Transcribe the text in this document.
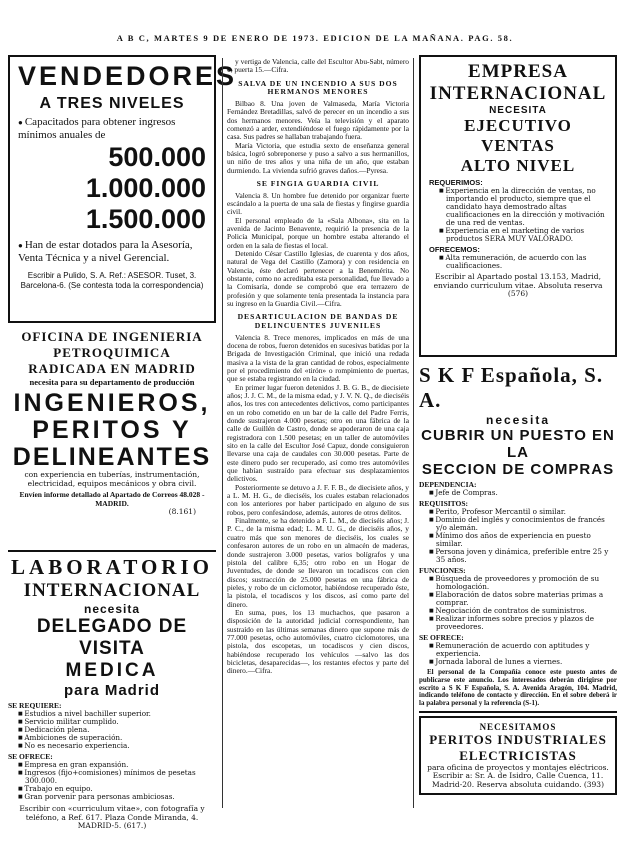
A B C, MARTES 9 DE ENERO DE 1973. EDICION DE LA MAÑANA. PAG. 58.
VENDEDORES
A TRES NIVELES
● Capacitados para obtener ingresos mínimos anuales de
500.000
1.000.000
1.500.000
● Han de estar dotados para la Asesoría, Venta Técnica y a nivel Gerencial.
Escribir a Pulido, S. A. Ref.: ASESOR. Tuset, 3. Barcelona-6. (Se contesta toda la correspondencia)
OFICINA DE INGENIERIA
PETROQUIMICA
RADICADA EN MADRID
necesita para su departamento de producción
INGENIEROS,
PERITOS Y
DELINEANTES
con experiencia en tuberías, instrumentación, electricidad, equipos mecánicos y obra civil.
Envíen informe detallado al Apartado de Correos 48.028 - MADRID.
(8.161)
LABORATORIO
INTERNACIONAL
necesita
DELEGADO DE VISITA
MEDICA
para Madrid
SE REQUIERE:
■ Estudios a nivel bachiller superior.
■ Servicio militar cumplido.
■ Dedicación plena.
■ Ambiciones de superación.
■ No es necesario experiencia.
SE OFRECE:
■ Empresa en gran expansión.
■ Ingresos (fijo+comisiones) mínimos de pesetas 300.000.
■ Trabajo en equipo.
■ Gran porvenir para personas ambiciosas.
Escribir con «curriculum vitae», con fotografía y teléfono, a Ref. 617. Plaza Conde Miranda, 4. MADRID-5. (617.)

y vertiga de Valencia, calle del Escultor Abu-Sabt, número 6, puerta 15.—Cifra.

SALVA DE UN INCENDIO A SUS DOS HERMANOS MENORES

Bilbao 8. Una joven de Valmaseda, María Victoria Fernández Bretadillas, salvó de perecer en un incendio a sus dos hermanos menores. Veía la televisión y el aparato comenzó a arder, extendiéndose el fuego rápidamente por la casa. Sus padres se hallaban trabajando fuera.

María Victoria, que estudia sexto de enseñanza general básica, logró sobreponerse y puso a salvo a sus hermanillos, un niño de tres años y una niña de un año, que estaban durmiendo. La vivienda sufrió graves daños.—Pyresa.

SE FINGIA GUARDIA CIVIL

Valencia 8. Un hombre fue detenido por organizar fuerte escándalo a la puerta de una sala de fiestas y fingirse guardia civil.

El personal empleado de la «Sala Albona», sita en la avenida de Jacinto Benavente, requirió la presencia de la Policía Municipal, porque un hombre estaba alterando el orden en la sala de fiestas el local.

Detenido César Castillo Iglesias, de cuarenta y dos años, natural de Vega del Castillo (Zamora) y con residencia en Valencia, éste declaró pertenecer a la Benemérita. No obstante, como no acreditaba esta personalidad, fue llevado a la Comisaría, donde se comprobó que era terrazero de profesión y que solamente tenía presentada la instancia para su ingreso en la Guardia Civil.—Cifra.

DESARTICULACION DE BANDAS DE DELINCUENTES JUVENILES

Valencia 8. Trece menores, implicados en más de una docena de robos, fueron detenidos en sucesivas batidas por la Brigada de Investigación Criminal, que inició una redada masiva a la vista de la gran cantidad de robos, especialmente por el procedimiento del «tirón» o rompimiento de puertas, que se estaba registrando en la ciudad.

En primer lugar fueron detenidos J. B. G. B., de diecisiete años; J. J. C. M., de la misma edad, y J. V. N. Q., de dieciséis años, los tres con antecedentes delictivos, como participantes en un robo cometido en un bar de la calle del Padre Ferris, donde sustrajeron 4.000 pesetas; otro en una fábrica de la calle de Guillén de Castro, donde se apoderaron de una caja registradora con 1.500 pesetas; en un taller de automóviles sito en la calle del Escultor José Capuz, donde consiguieron llevarse una caja de caudales con 30.000 pesetas. Parte de este dinero pudo ser recuperado, así como tres automóviles que habían sustraído para efectuar sus desplazamientos delictivos.

Posteriormente se detuvo a J. F. F. B., de diecisiete años, y a L. M. H. G., de dieciséis, los cuales estaban relacionados con los anteriores por haber participado en alguno de sus robos, pero confesándose, además, autores de otros delitos.

Finalmente, se ha detenido a F. L. M., de dieciséis años; J. P. C., de la misma edad; L. M. U. G., de dieciséis años, y cuatro más que son menores de dieciséis, los cuales se confesaron autores de un robo en un almacén de maderas, donde sustrajeron 3.000 pesetas, varios bolígrafos y una pistola del calibre 6,35; otro robo en un Hogar de Juventudes, de donde se llevaron un tocadiscos con cien discos; sustracción de 25.000 pesetas en una fábrica de pieles, y robo de un ciclomotor, habiéndose recuperado éste, la pistola, el tocadiscos y los discos, así como parte del dinero.

En suma, pues, los 13 muchachos, que pasaron a disposición de la autoridad judicial correspondiente, han sustraído en las últimas semanas dinero que supone más de 77.000 pesetas, ocho automóviles, cuatro ciclomotores, una pistola, dos escopetas, un tocadiscos y cien discos, habiéndose recuperado los vehículos —salvo las dos bicicletas, desaparecidas—, los restantes efectos y parte del dinero.—Cifra.

EMPRESA
INTERNACIONAL
NECESITA
EJECUTIVO VENTAS
ALTO NIVEL
REQUERIMOS:
■ Experiencia en la dirección de ventas, no importando el producto, siempre que el candidato haya demostrado altas cualificaciones en la dirección y motivación de una red de ventas.
■ Experiencia en el marketing de varios productos SERA MUY VALORADO.
OFRECEMOS:
■ Alta remuneración, de acuerdo con las cualificaciones.
Escribir al Apartado postal 13.153, Madrid, enviando curriculum vitae. Absoluta reserva (576)
S K F Española, S. A.
necesita
CUBRIR UN PUESTO EN LA
SECCION DE COMPRAS
DEPENDENCIA:
■ Jefe de Compras.
REQUISITOS:
■ Perito, Profesor Mercantil o similar.
■ Dominio del inglés y conocimientos de francés y/o alemán.
■ Mínimo dos años de experiencia en puesto similar.
■ Persona joven y dinámica, preferible entre 25 y 35 años.
FUNCIONES:
■ Búsqueda de proveedores y promoción de su homologación.
■ Elaboración de datos sobre materias primas a comprar.
■ Negociación de contratos de suministros.
■ Realizar informes sobre precios y plazos de proveedores.
SE OFRECE:
■ Remuneración de acuerdo con aptitudes y experiencia.
■ Jornada laboral de lunes a viernes.
El personal de la Compañía conoce este puesto antes de publicarse este anuncio. Los interesados deberán dirigirse por escrito a S K F Española, S. A. Avenida Aragón, 104. Madrid, indicando teléfono de contacto y dirección. En el sobre deberá ir la palabra personal y la referencia (S-1).
NECESITAMOS
PERITOS INDUSTRIALES
ELECTRICISTAS
para oficina de proyectos y montajes eléctricos. Escribir a: Sr. A. de Isidro, Calle Cuenca, 11. Madrid-20. Reserva absoluta cuidando. (393)
